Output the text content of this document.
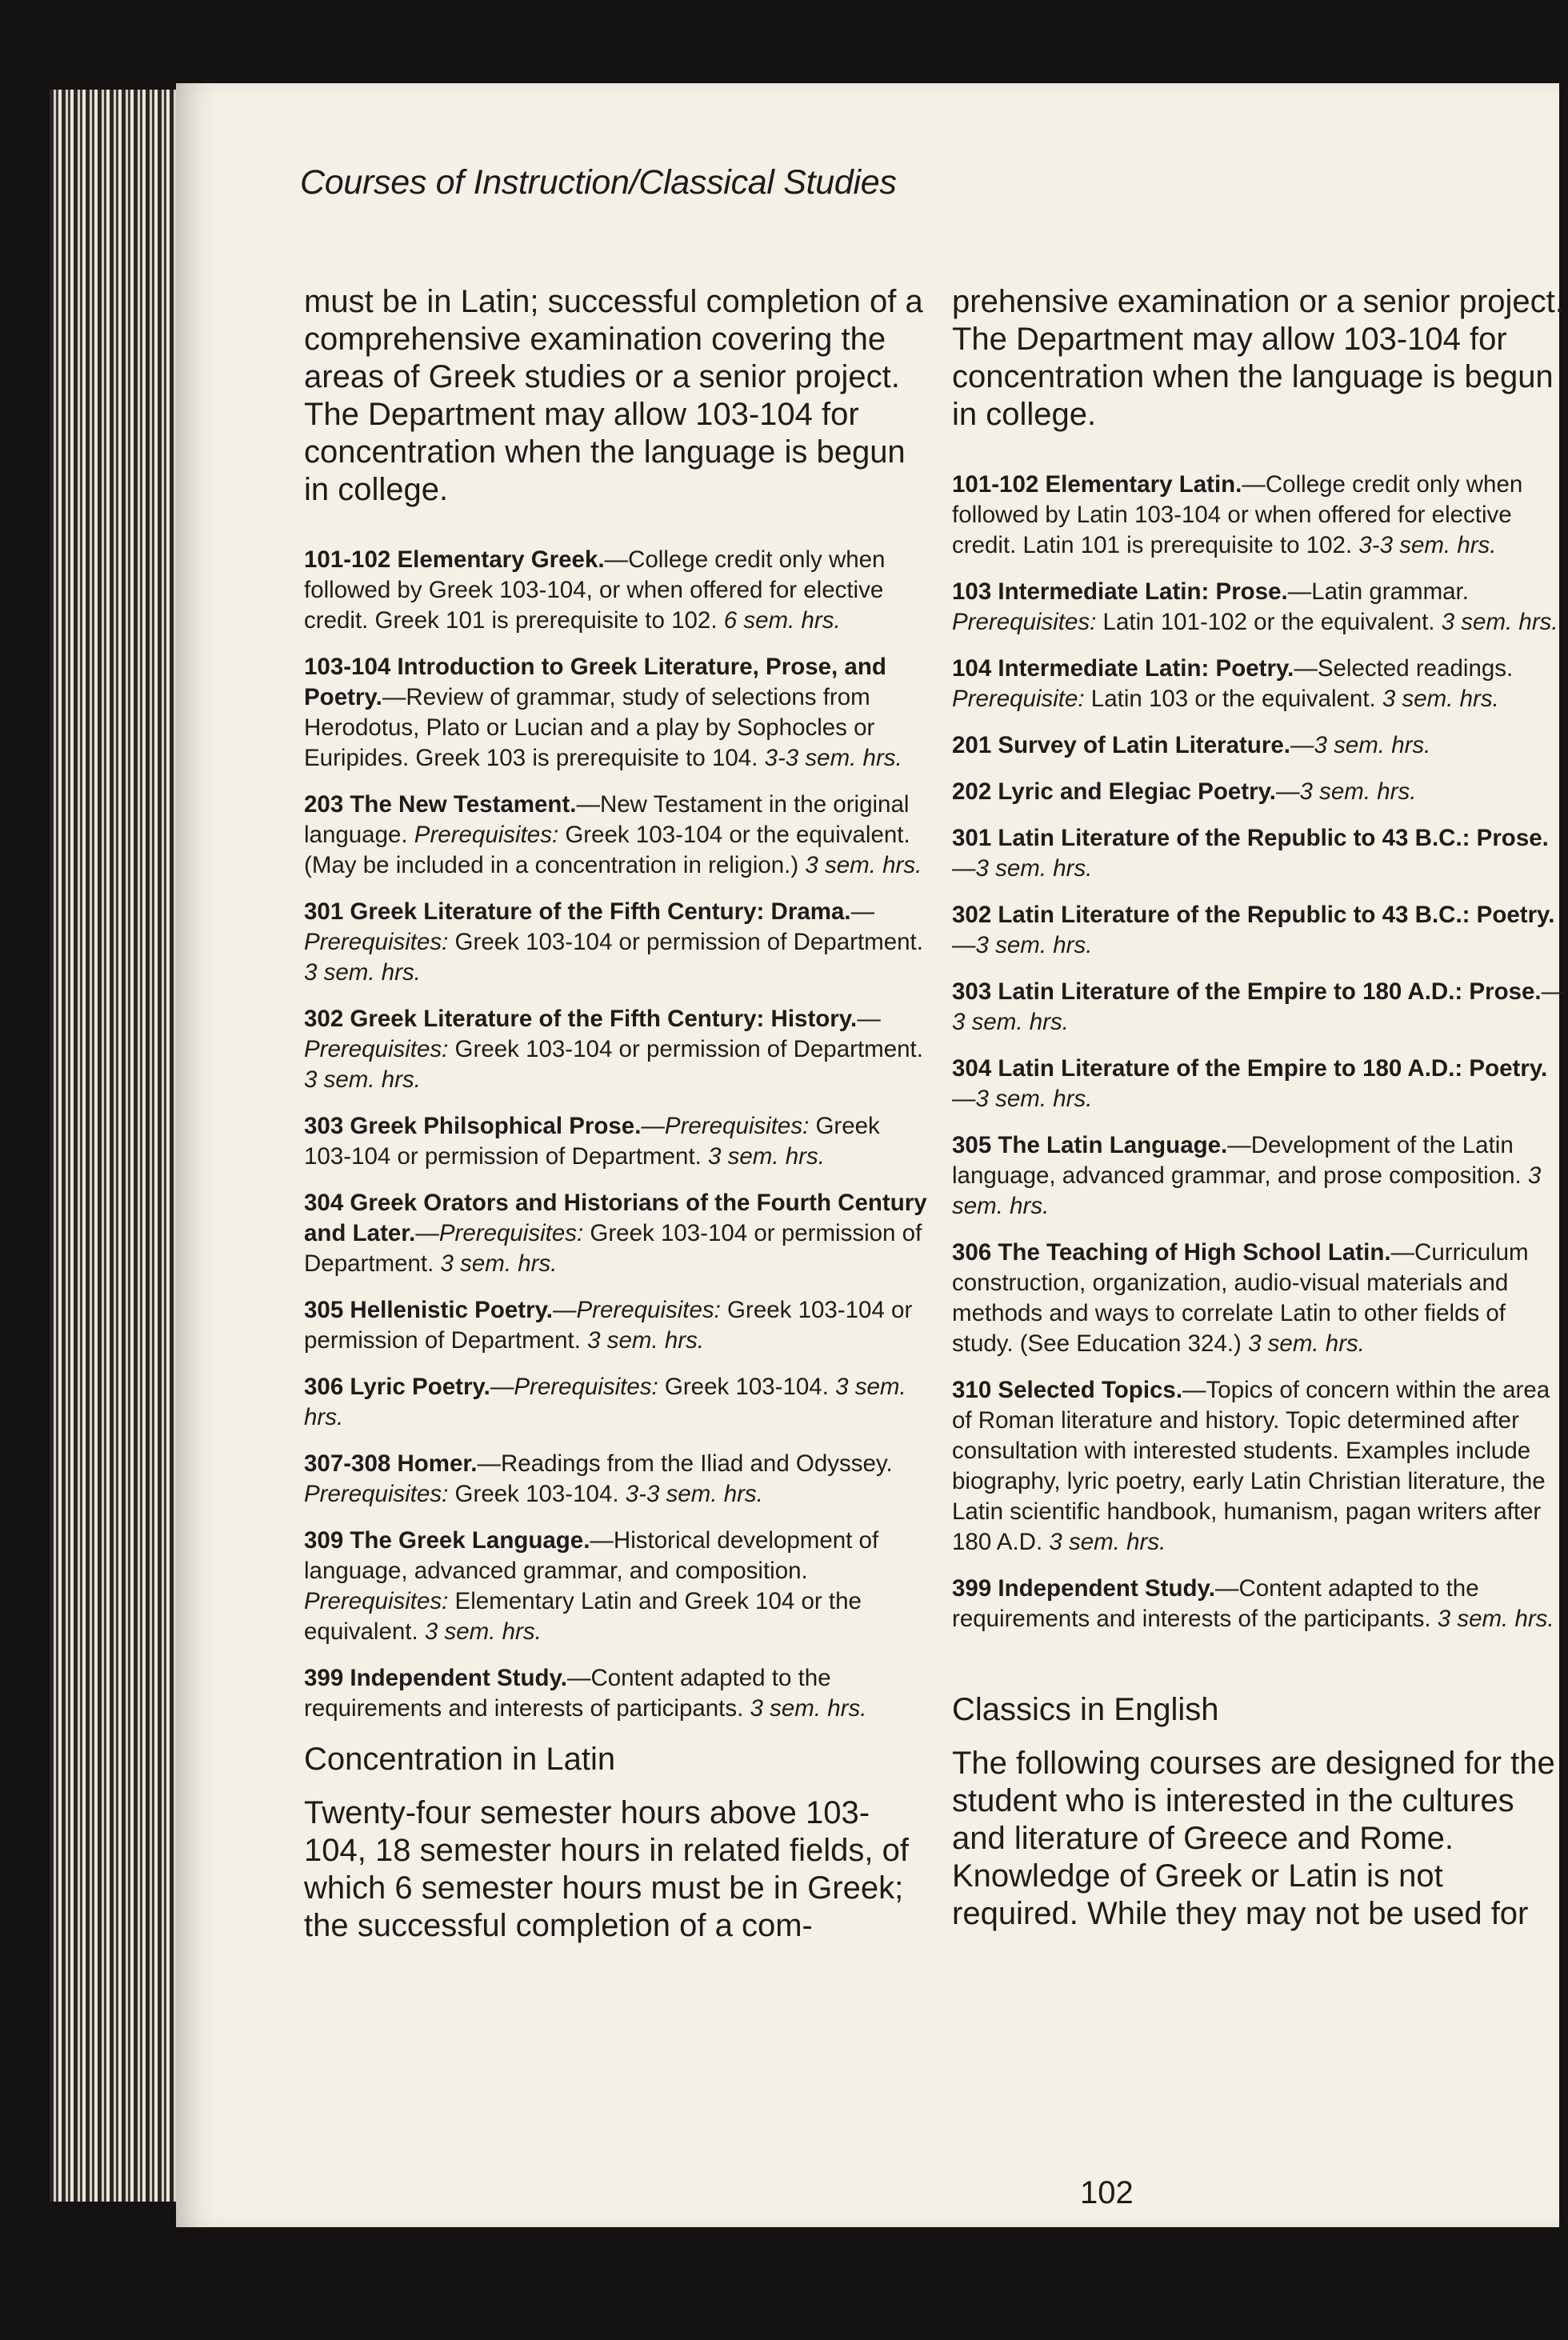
Courses of Instruction/Classical Studies

must be in Latin; successful completion of a comprehensive examination covering the areas of Greek studies or a senior project. The Department may allow 103-104 for concentration when the language is begun in college.

101-102 Elementary Greek.—College credit only when followed by Greek 103-104, or when offered for elective credit. Greek 101 is prerequisite to 102. 6 sem. hrs.

103-104 Introduction to Greek Literature, Prose, and Poetry.—Review of grammar, study of selections from Herodotus, Plato or Lucian and a play by Sophocles or Euripides. Greek 103 is prerequisite to 104. 3-3 sem. hrs.

203 The New Testament.—New Testament in the original language. Prerequisites: Greek 103-104 or the equivalent. (May be included in a concentration in religion.) 3 sem. hrs.

301 Greek Literature of the Fifth Century: Drama.—Prerequisites: Greek 103-104 or permission of Department. 3 sem. hrs.

302 Greek Literature of the Fifth Century: History.—Prerequisites: Greek 103-104 or permission of Department. 3 sem. hrs.

303 Greek Philsophical Prose.—Prerequisites: Greek 103-104 or permission of Department. 3 sem. hrs.

304 Greek Orators and Historians of the Fourth Century and Later.—Prerequisites: Greek 103-104 or permission of Department. 3 sem. hrs.

305 Hellenistic Poetry.—Prerequisites: Greek 103-104 or permission of Department. 3 sem. hrs.

306 Lyric Poetry.—Prerequisites: Greek 103-104. 3 sem. hrs.

307-308 Homer.—Readings from the Iliad and Odyssey. Prerequisites: Greek 103-104. 3-3 sem. hrs.

309 The Greek Language.—Historical development of language, advanced grammar, and composition. Prerequisites: Elementary Latin and Greek 104 or the equivalent. 3 sem. hrs.

399 Independent Study.—Content adapted to the requirements and interests of participants. 3 sem. hrs.

Concentration in Latin

Twenty-four semester hours above 103-104, 18 semester hours in related fields, of which 6 semester hours must be in Greek; the successful completion of a com-

prehensive examination or a senior project. The Department may allow 103-104 for concentration when the language is begun in college.

101-102 Elementary Latin.—College credit only when followed by Latin 103-104 or when offered for elective credit. Latin 101 is prerequisite to 102. 3-3 sem. hrs.

103 Intermediate Latin: Prose.—Latin grammar. Prerequisites: Latin 101-102 or the equivalent. 3 sem. hrs.

104 Intermediate Latin: Poetry.—Selected readings. Prerequisite: Latin 103 or the equivalent. 3 sem. hrs.

201 Survey of Latin Literature.—3 sem. hrs.

202 Lyric and Elegiac Poetry.—3 sem. hrs.

301 Latin Literature of the Republic to 43 B.C.: Prose.—3 sem. hrs.

302 Latin Literature of the Republic to 43 B.C.: Poetry.—3 sem. hrs.

303 Latin Literature of the Empire to 180 A.D.: Prose.—3 sem. hrs.

304 Latin Literature of the Empire to 180 A.D.: Poetry.—3 sem. hrs.

305 The Latin Language.—Development of the Latin language, advanced grammar, and prose composition. 3 sem. hrs.

306 The Teaching of High School Latin.—Curriculum construction, organization, audio-visual materials and methods and ways to correlate Latin to other fields of study. (See Education 324.) 3 sem. hrs.

310 Selected Topics.—Topics of concern within the area of Roman literature and history. Topic determined after consultation with interested students. Examples include biography, lyric poetry, early Latin Christian literature, the Latin scientific handbook, humanism, pagan writers after 180 A.D. 3 sem. hrs.

399 Independent Study.—Content adapted to the requirements and interests of the participants. 3 sem. hrs.

Classics in English

The following courses are designed for the student who is interested in the cultures and literature of Greece and Rome. Knowledge of Greek or Latin is not required. While they may not be used for

102
